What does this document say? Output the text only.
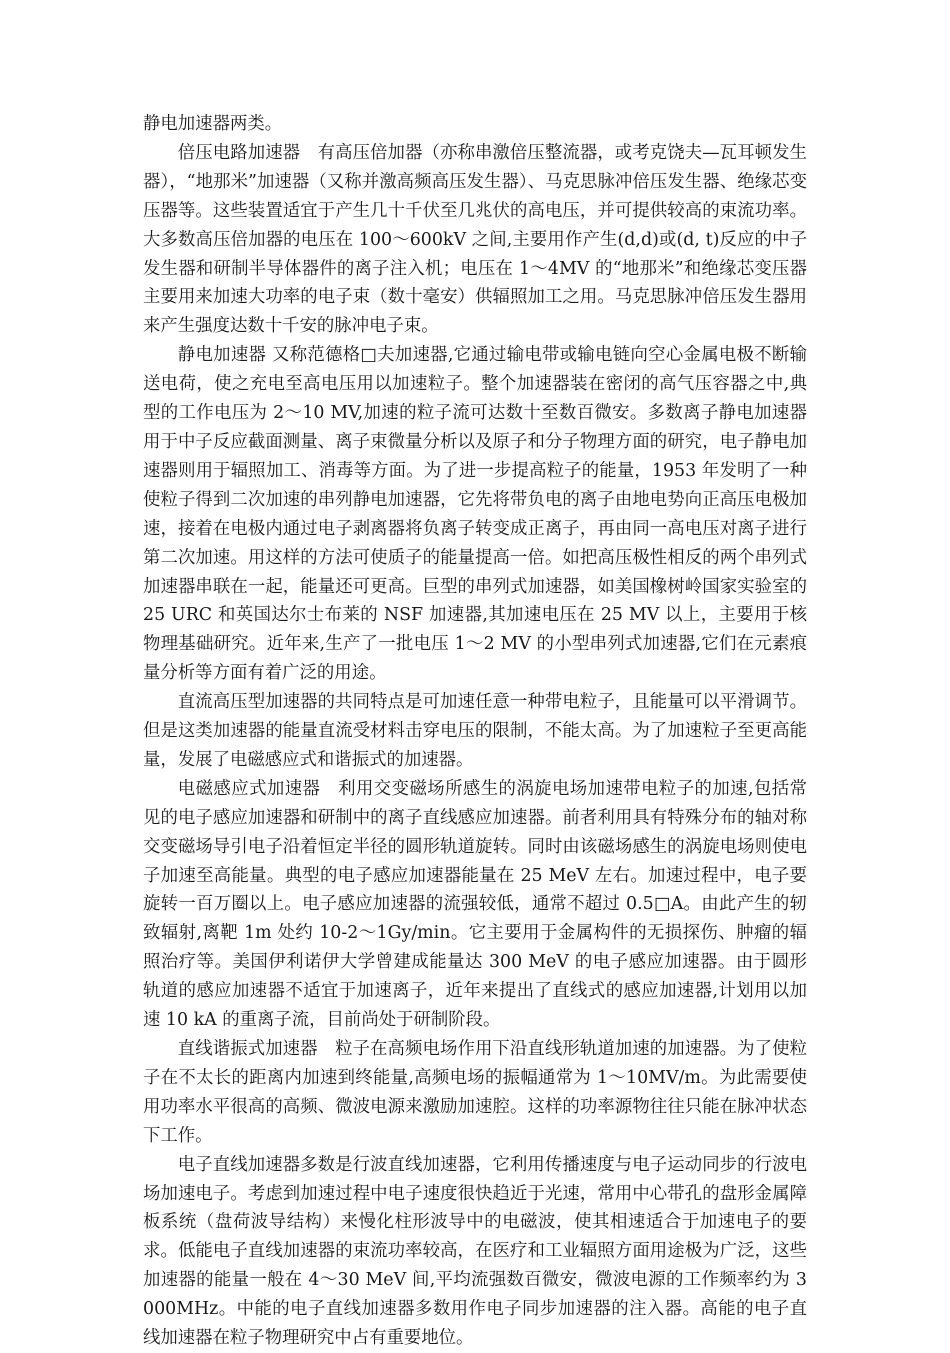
静电加速器两类。

倍压电路加速器　有高压倍加器（亦称串激倍压整流器，或考克饶夫—瓦耳顿发生器），“地那米”加速器（又称并激高频高压发生器）、马克思脉冲倍压发生器、绝缘芯变压器等。这些装置适宜于产生几十千伏至几兆伏的高电压，并可提供较高的束流功率。大多数高压倍加器的电压在 100～600kV 之间,主要用作产生(d,d)或(d, t)反应的中子发生器和研制半导体器件的离子注入机；电压在 1～4MV 的“地那米”和绝缘芯变压器主要用来加速大功率的电子束（数十毫安）供辐照加工之用。马克思脉冲倍压发生器用来产生强度达数十千安的脉冲电子束。

静电加速器 又称范德格□夫加速器,它通过输电带或输电链向空心金属电极不断输送电荷，使之充电至高电压用以加速粒子。整个加速器装在密闭的高气压容器之中,典型的工作电压为 2～10 MV,加速的粒子流可达数十至数百微安。多数离子静电加速器用于中子反应截面测量、离子束微量分析以及原子和分子物理方面的研究，电子静电加速器则用于辐照加工、消毒等方面。为了进一步提高粒子的能量，1953 年发明了一种使粒子得到二次加速的串列静电加速器，它先将带负电的离子由地电势向正高压电极加速，接着在电极内通过电子剥离器将负离子转变成正离子，再由同一高电压对离子进行第二次加速。用这样的方法可使质子的能量提高一倍。如把高压极性相反的两个串列式加速器串联在一起，能量还可更高。巨型的串列式加速器，如美国橡树岭国家实验室的 25 URC 和英国达尔士布莱的 NSF 加速器,其加速电压在 25 MV 以上，主要用于核物理基础研究。近年来,生产了一批电压 1～2 MV 的小型串列式加速器,它们在元素痕量分析等方面有着广泛的用途。

直流高压型加速器的共同特点是可加速任意一种带电粒子，且能量可以平滑调节。但是这类加速器的能量直流受材料击穿电压的限制，不能太高。为了加速粒子至更高能量，发展了电磁感应式和谐振式的加速器。

电磁感应式加速器　利用交变磁场所感生的涡旋电场加速带电粒子的加速,包括常见的电子感应加速器和研制中的离子直线感应加速器。前者利用具有特殊分布的轴对称交变磁场导引电子沿着恒定半径的圆形轨道旋转。同时由该磁场感生的涡旋电场则使电子加速至高能量。典型的电子感应加速器能量在 25 MeV 左右。加速过程中，电子要旋转一百万圈以上。电子感应加速器的流强较低，通常不超过 0.5□A。由此产生的轫致辐射,离靶 1m 处约 10-2～1Gy/min。它主要用于金属构件的无损探伤、肿瘤的辐照治疗等。美国伊利诺伊大学曾建成能量达 300 MeV 的电子感应加速器。由于圆形轨道的感应加速器不适宜于加速离子，近年来提出了直线式的感应加速器,计划用以加速 10 kA 的重离子流，目前尚处于研制阶段。

直线谐振式加速器　粒子在高频电场作用下沿直线形轨道加速的加速器。为了使粒子在不太长的距离内加速到终能量,高频电场的振幅通常为 1～10MV/m。为此需要使用功率水平很高的高频、微波电源来激励加速腔。这样的功率源物往往只能在脉冲状态下工作。

电子直线加速器多数是行波直线加速器，它利用传播速度与电子运动同步的行波电场加速电子。考虑到加速过程中电子速度很快趋近于光速，常用中心带孔的盘形金属障板系统（盘荷波导结构）来慢化柱形波导中的电磁波，使其相速适合于加速电子的要求。低能电子直线加速器的束流功率较高，在医疗和工业辐照方面用途极为广泛，这些加速器的能量一般在 4～30 MeV 间,平均流强数百微安，微波电源的工作频率约为 3 000MHz。中能的电子直线加速器多数用作电子同步加速器的注入器。高能的电子直线加速器在粒子物理研究中占有重要地位。
